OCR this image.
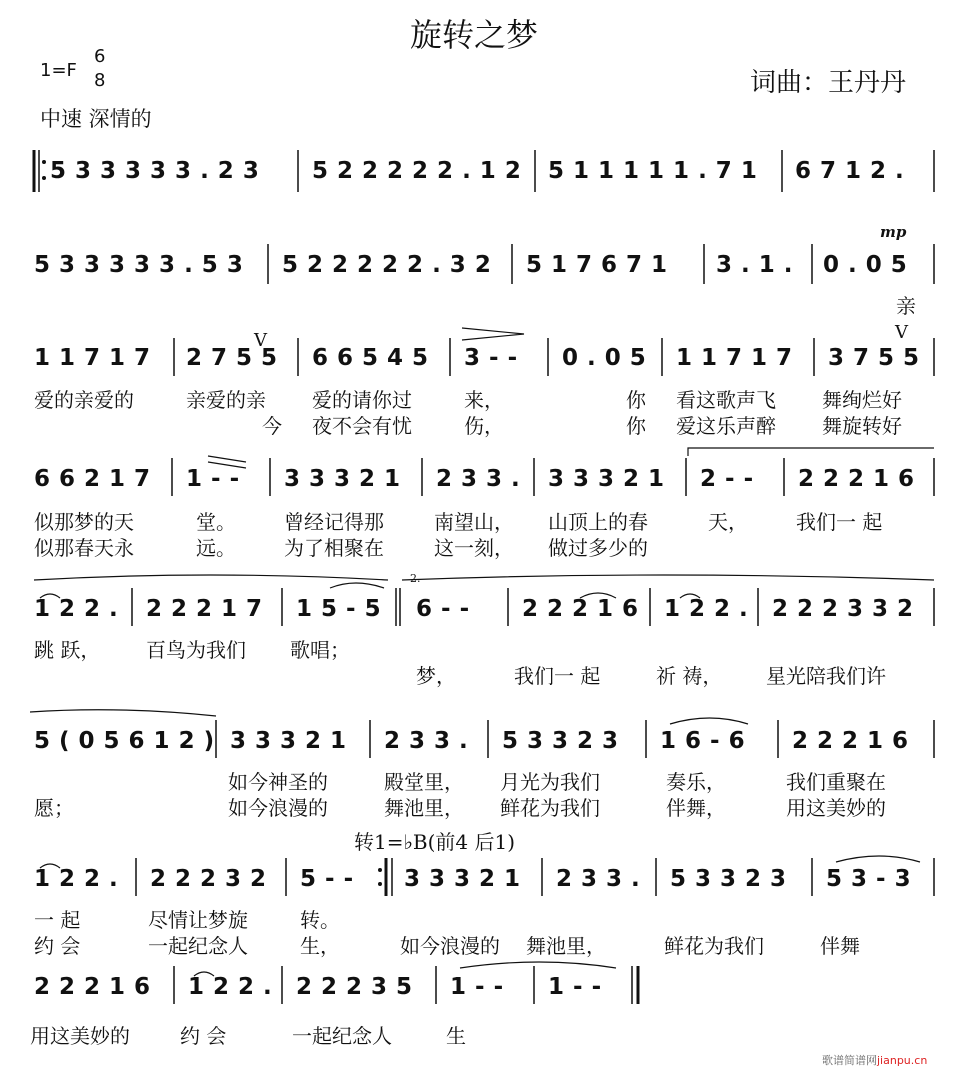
旋转之梦
1=F
6
8	词曲：王丹丹
中速 深情的
5 3 3 3 3 3 . 2 3 5 2 2 2 2 2 . 1 2 5 1 1 1 1 1 . 7 1 6 7 1 2 .
mp
5 3 3 3 3 3 . 5 3 5 2 2 2 2 2 . 3 2 5 1 7 6 7 1 3 . 1 . 0 . 0 5
亲
V	V
1 1 7 1 7 2 7 5 5 6 6 5 4 5 3 - - 0 . 0 5 1 1 7 1 7 3 7 5 5
爱的亲爱的	亲爱的亲 爱的请你过	来，	你 看这歌声飞 舞绚烂好
今 夜不会有忧	伤，	你 爱这乐声醉 舞旋转好
6 6 2 1 7 1 - - 3 3 3 2 1 2 3 3 . 3 3 3 2 1 2 - - 2 2 2 1 6
似那梦的天	堂。 曾经记得那	南望山， 山顶上的春	天， 我们一 起
似那春天永	远。 为了相聚在	这一刻， 做过多少的
2.
1 2 2 . 2 2 2 1 7 1 5 - 5 6 - - 2 2 2 1 6 1 2 2 . 2 2 2 3 3 2
跳 跃， 百鸟为我们 歌唱；
梦，	我们一 起	祈 祷， 星光陪我们许
5 ( 0 5 6 1 2 ) 3 3 3 2 1 2 3 3 . 5 3 3 2 3 1 6 - 6 2 2 2 1 6
如今神圣的	殿堂里， 月光为我们	奏乐，	我们重聚在
愿；	如今浪漫的	舞池里， 鲜花为我们	伴舞，	用这美妙的
转1=♭B(前4 后1)
1 2 2 . 2 2 2 3 2 5 - - 3 3 3 2 1 2 3 3 . 5 3 3 2 3 5 3 - 3
一 起	尽情让梦旋	转。
约 会	一起纪念人	生，	如今浪漫的 舞池里，	鲜花为我们	伴舞
2 2 2 1 6 1 2 2 . 2 2 2 3 5 1 - - 1 - -
用这美妙的	约 会	一起纪念人	生
歌谱简谱网jianpu.cn
